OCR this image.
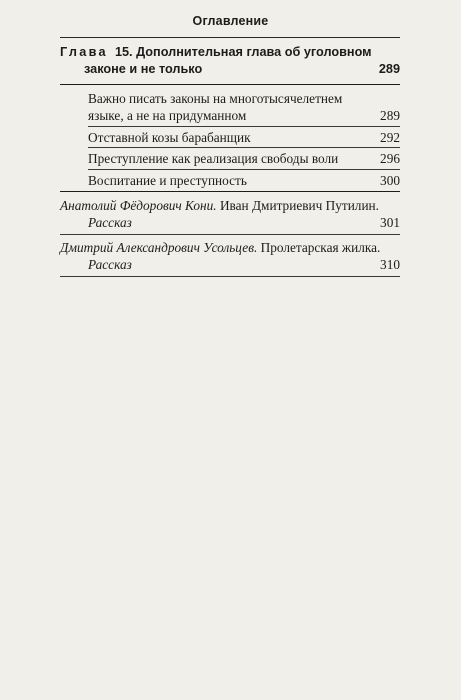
Оглавление
Глава 15. Дополнительная глава об уголовном
законе и не только	289
Важно писать законы на многотысячелетнем
языке, а не на придуманном	289
Отставной козы барабанщик	292
Преступление как реализация свободы воли	296
Воспитание и преступность	300
Анатолий Фёдорович Кони. Иван Дмитриевич Путилин.
Рассказ	301
Дмитрий Александрович Усольцев. Пролетарская жилка.
Рассказ	310
